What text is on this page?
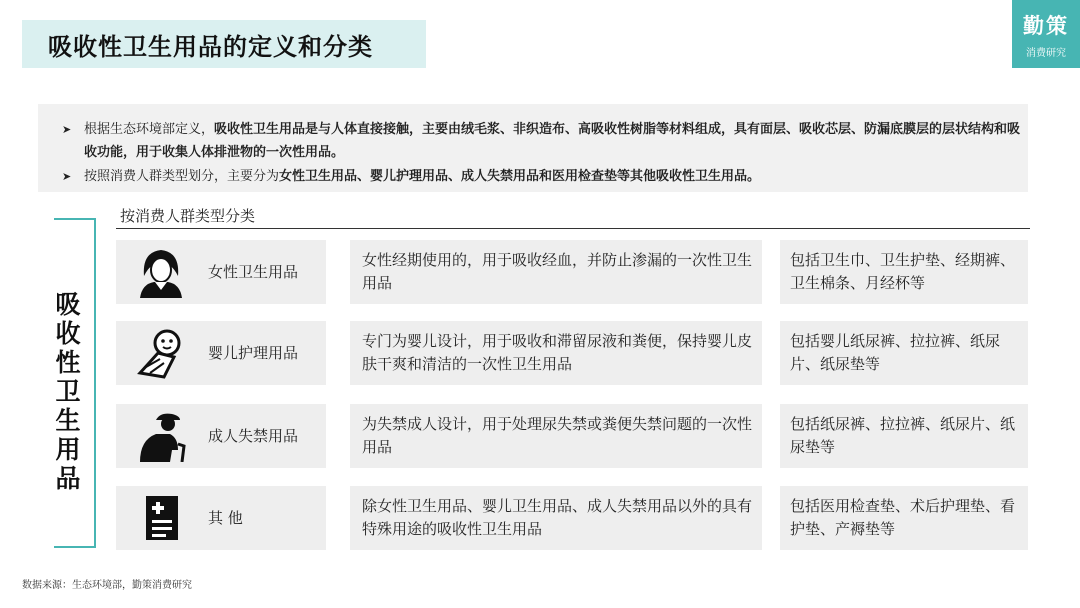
吸收性卫生用品的定义和分类
勤策
消费研究
➤ 根据生态环境部定义，吸收性卫生用品是与人体直接接触，主要由绒毛浆、非织造布、高吸收性树脂等材料组成，具有面层、吸收芯层、防漏底膜层的层状结构和吸收功能，用于收集人体排泄物的一次性用品。
➤ 按照消费人群类型划分，主要分为女性卫生用品、婴儿护理用品、成人失禁用品和医用检查垫等其他吸收性卫生用品。
吸
收
性
卫
生
用
品
按消费人群类型分类
女性卫生用品
女性经期使用的，用于吸收经血，并防止渗漏的一次性卫生用品
包括卫生巾、卫生护垫、经期裤、卫生棉条、月经杯等
婴儿护理用品
专门为婴儿设计，用于吸收和滞留尿液和粪便，保持婴儿皮肤干爽和清洁的一次性卫生用品
包括婴儿纸尿裤、拉拉裤、纸尿片、纸尿垫等
成人失禁用品
为失禁成人设计，用于处理尿失禁或粪便失禁问题的一次性用品
包括纸尿裤、拉拉裤、纸尿片、纸尿垫等
其 他
除女性卫生用品、婴儿卫生用品、成人失禁用品以外的具有特殊用途的吸收性卫生用品
包括医用检查垫、术后护理垫、看护垫、产褥垫等
数据来源：生态环境部，勤策消费研究
